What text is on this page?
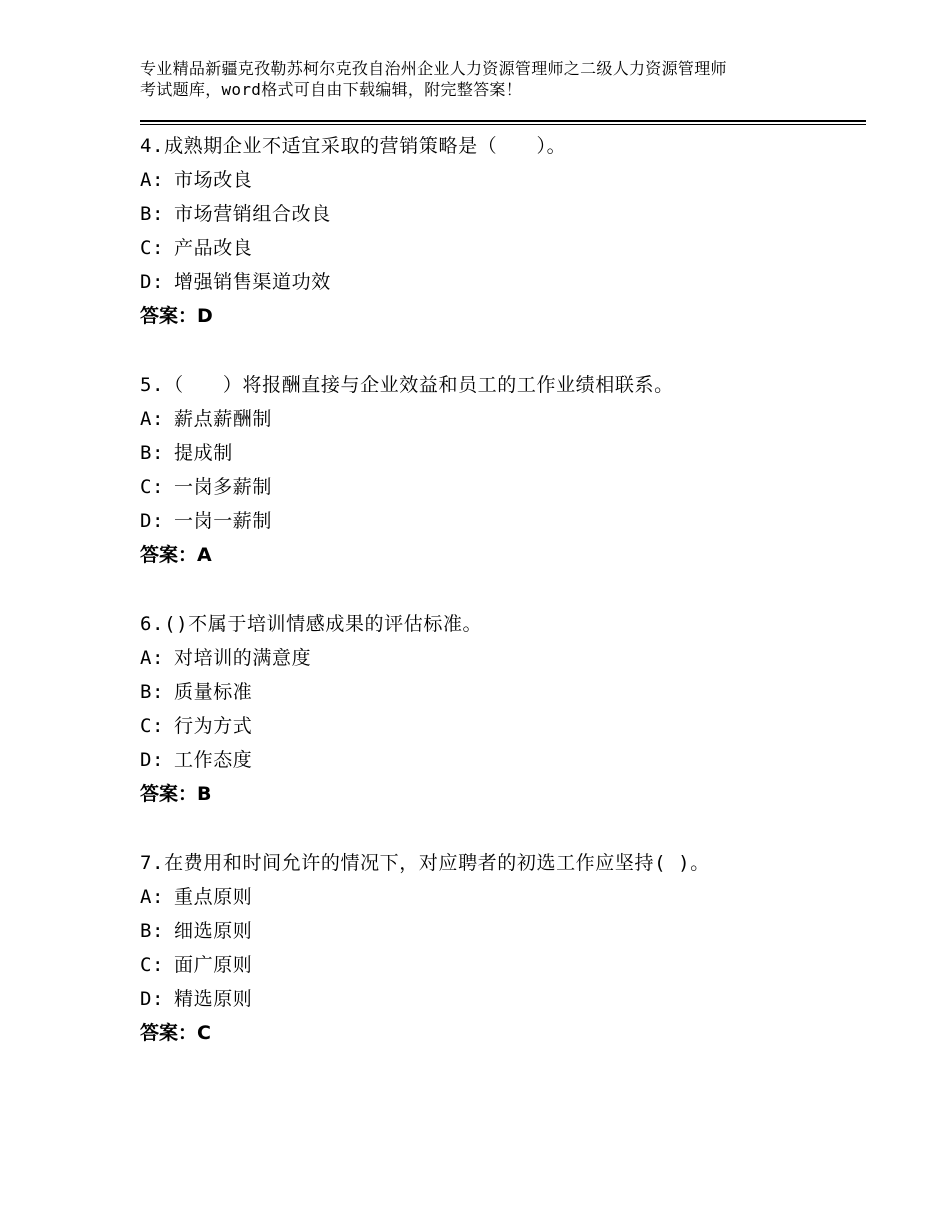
专业精品新疆克孜勒苏柯尔克孜自治州企业人力资源管理师之二级人力资源管理师
考试题库，word格式可自由下载编辑，附完整答案！
4.成熟期企业不适宜采取的营销策略是（　　）。
A: 市场改良
B: 市场营销组合改良
C: 产品改良
D: 增强销售渠道功效
答案：D
5.（　　）将报酬直接与企业效益和员工的工作业绩相联系。
A: 薪点薪酬制
B: 提成制
C: 一岗多薪制
D: 一岗一薪制
答案：A
6.()不属于培训情感成果的评估标准。
A: 对培训的满意度
B: 质量标准
C: 行为方式
D: 工作态度
答案：B
7.在费用和时间允许的情况下，对应聘者的初选工作应坚持( )。
A: 重点原则
B: 细选原则
C: 面广原则
D: 精选原则
答案：C
